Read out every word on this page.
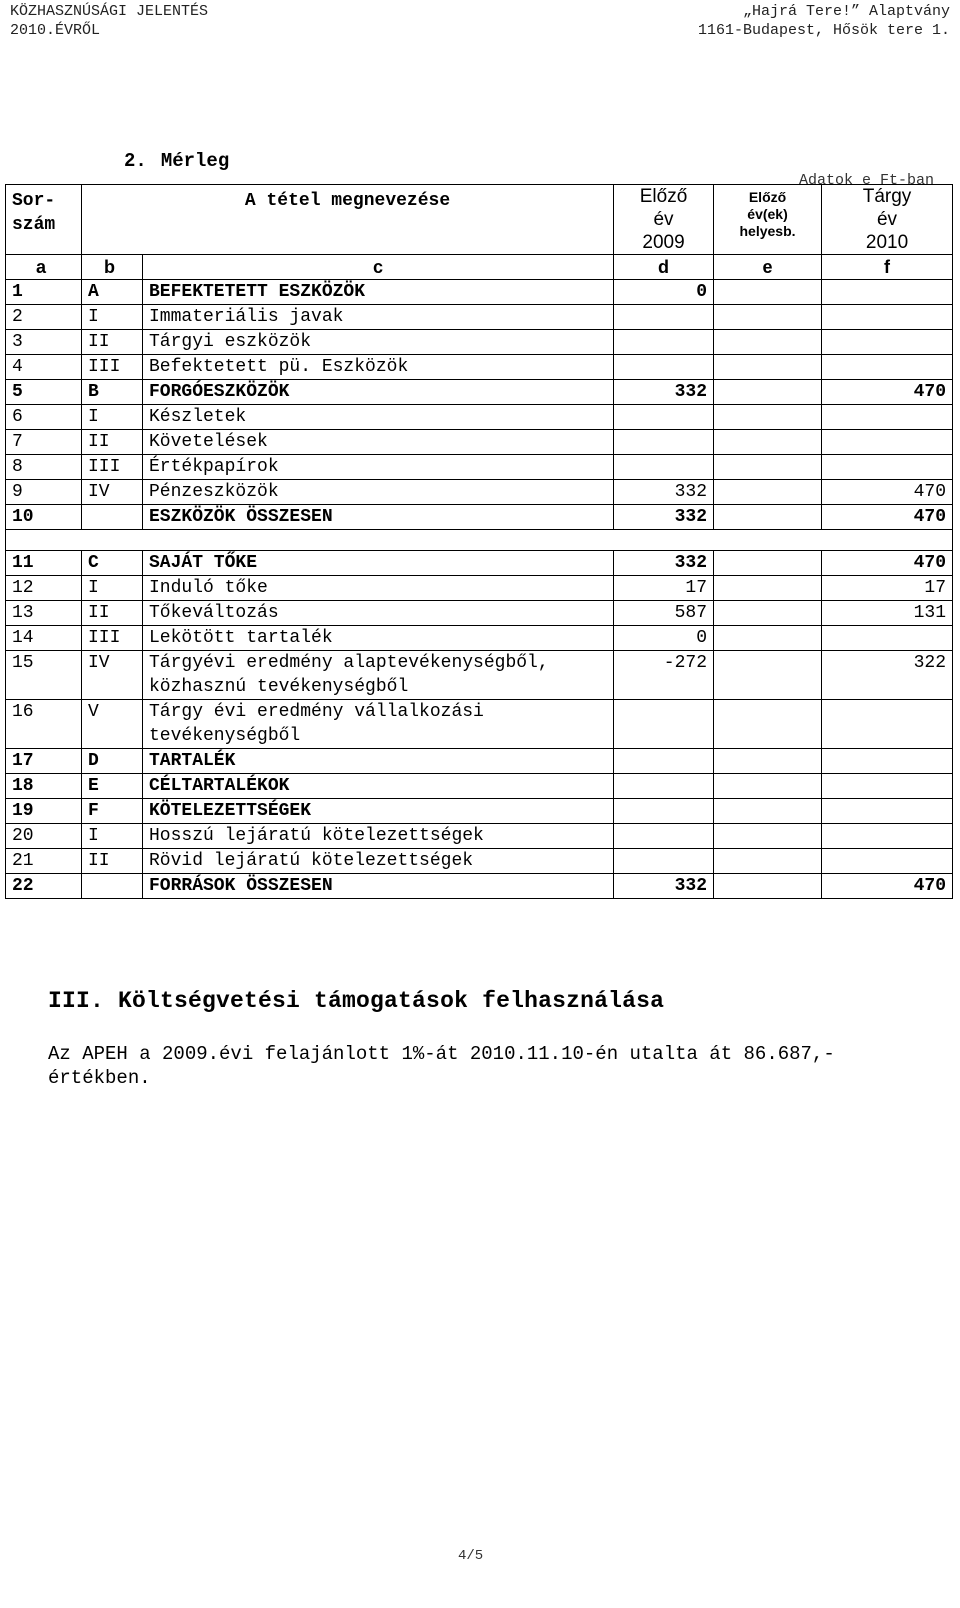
KÖZHASZNÚSÁGI JELENTÉS
2010.ÉVRŐL
„Hajrá Tere!” Alaptvány
1161-Budapest, Hősök tere 1.
2. Mérleg
Adatok e Ft-ban
Sor-
szám	A tétel megnevezése		Előző
év
2009	Előző
év(ek)
helyesb.	Tárgy
év
2010

a	b	c	d	e	f
1	A	BEFEKTETETT ESZKÖZÖK	0		
2	I	Immateriális javak			
3	II	Tárgyi eszközök			
4	III	Befektetett pü. Eszközök			
5	B	FORGÓESZKÖZÖK	332		470
6	I	Készletek			
7	II	Követelések			
8	III	Értékpapírok			
9	IV	Pénzeszközök	332		470
10		ESZKÖZÖK ÖSSZESEN	332		470

11	C	SAJÁT TŐKE	332		470
12	I	Induló tőke	17		17
13	II	Tőkeváltozás	587		131
14	III	Lekötött tartalék	0		
15	IV	Tárgyévi eredmény alaptevékenységből, közhasznú tevékenységből	-272		322
16	V	Tárgy évi eredmény vállalkozási tevékenységből			
17	D	TARTALÉK			
18	E	CÉLTARTALÉKOK			
19	F	KÖTELEZETTSÉGEK			
20	I	Hosszú lejáratú kötelezettségek			
21	II	Rövid lejáratú kötelezettségek			
22		FORRÁSOK ÖSSZESEN	332		470
III. Költségvetési támogatások felhasználása
Az APEH a 2009.évi felajánlott 1%-át 2010.11.10-én utalta át 86.687,-értékben.
4/5
